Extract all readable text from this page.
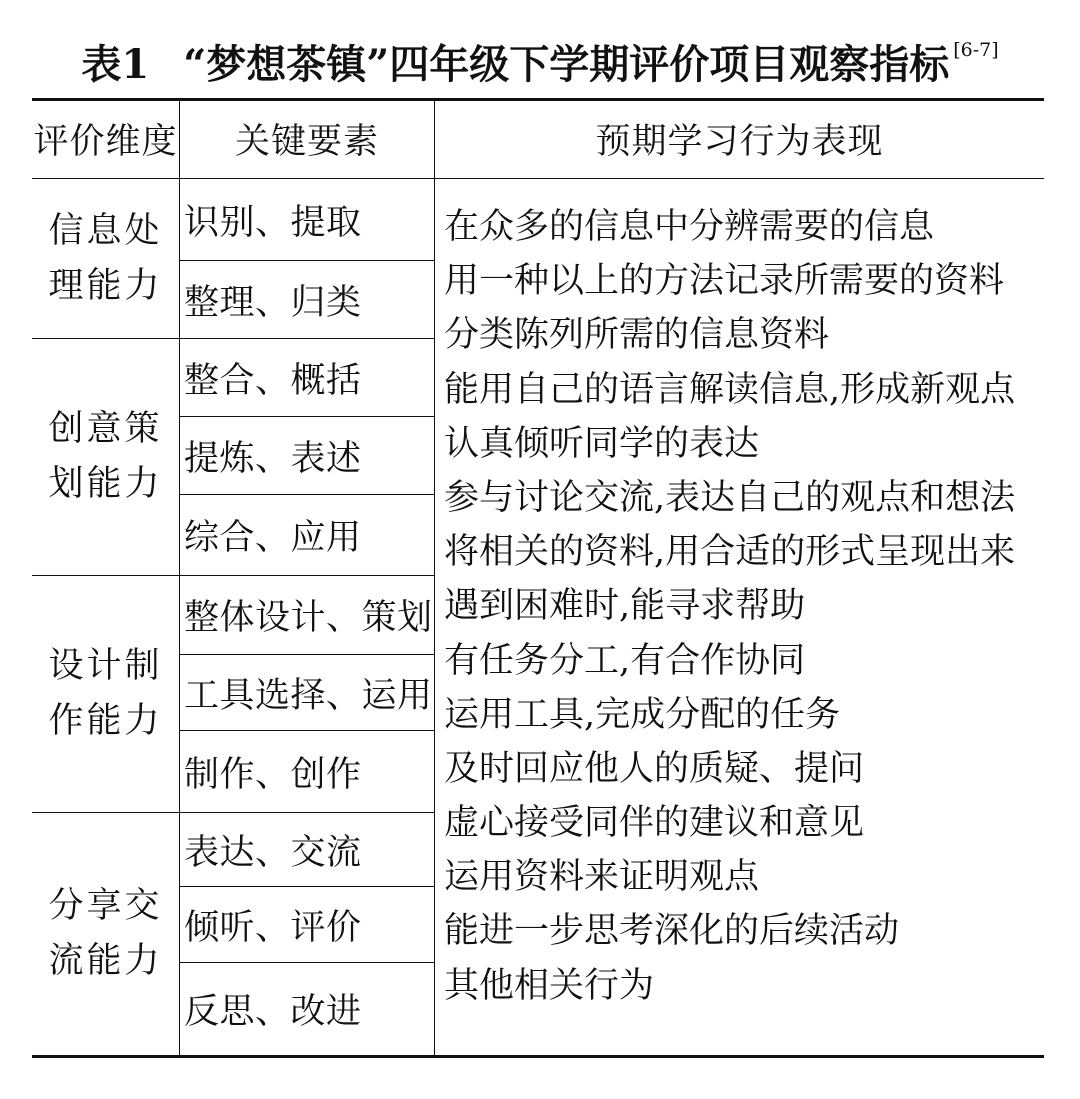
表1 “梦想茶镇”四年级下学期评价项目观察指标 [6-7]
评价维度	关键要素	预期学习行为表现
信息处
理能力
创意策
划能力
设计制
作能力
分享交
流能力
识别、提取
整理、归类
整合、概括
提炼、表述
综合、应用
整体设计、策划
工具选择、运用
制作、创作
表达、交流
倾听、评价
反思、改进
在众多的信息中分辨需要的信息
用一种以上的方法记录所需要的资料
分类陈列所需的信息资料
能用自己的语言解读信息,形成新观点
认真倾听同学的表达
参与讨论交流,表达自己的观点和想法
将相关的资料,用合适的形式呈现出来
遇到困难时,能寻求帮助
有任务分工,有合作协同
运用工具,完成分配的任务
及时回应他人的质疑、提问
虚心接受同伴的建议和意见
运用资料来证明观点
能进一步思考深化的后续活动
其他相关行为
